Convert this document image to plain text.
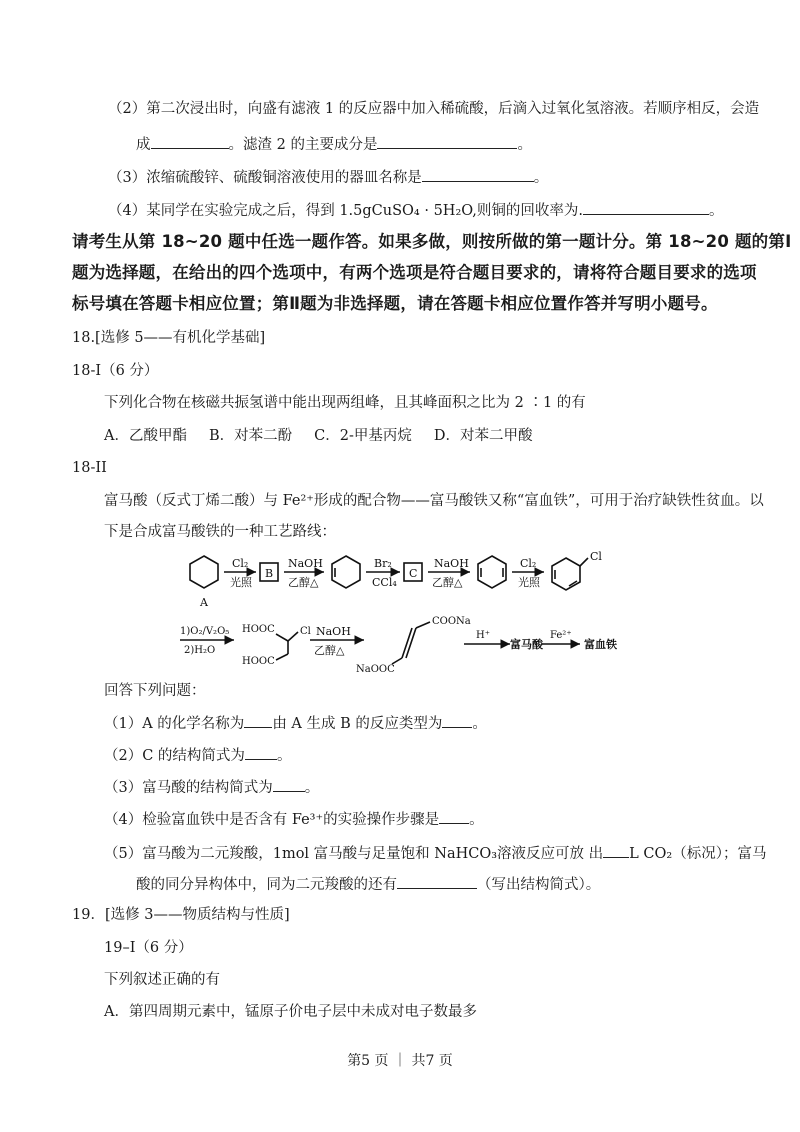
（2）第二次浸出时，向盛有滤液 1 的反应器中加入稀硫酸，后滴入过氧化氢溶液。若顺序相反，会造
成	。滤渣 2 的主要成分是	。
（3）浓缩硫酸锌、硫酸铜溶液使用的器皿名称是	。
（4）某同学在实验完成之后，得到 1.5gCuSO₄ · 5H₂O,则铜的回收率为.	。
请考生从第 18~20 题中任选一题作答。如果多做，则按所做的第一题计分。第 18~20 题的第Ⅰ
题为选择题，在给出的四个选项中，有两个选项是符合题目要求的，请将符合题目要求的选项
标号填在答题卡相应位置；第Ⅱ题为非选择题，请在答题卡相应位置作答并写明小题号。
18.[选修 5——有机化学基础]
18-I（6 分）
下列化合物在核磁共振氢谱中能出现两组峰，且其峰面积之比为 2 ∶1 的有
A．乙酸甲酯 B．对苯二酚 C．2-甲基丙烷 D．对苯二甲酸
18-II
富马酸（反式丁烯二酸）与 Fe²⁺形成的配合物——富马酸铁又称“富血铁”，可用于治疗缺铁性贫血。以
下是合成富马酸铁的一种工艺路线：
A
Cl₂
光照
B
NaOH
乙醇△
Br₂
CCl₄
C
NaOH
乙醇△
Cl₂
光照
Cl
1)O₂/V₂O₅
2)H₂O
HOOC	Cl
HOOC
NaOH
乙醇△
COONa
NaOOC
H⁺
富马酸
Fe²⁺
富血铁
回答下列问题：
（1）A 的化学名称为 由 A 生成 B 的反应类型为 。
（2）C 的结构简式为 。
（3）富马酸的结构简式为 。
（4）检验富血铁中是否含有 Fe³⁺的实验操作步骤是 。
（5）富马酸为二元羧酸，1mol 富马酸与足量饱和 NaHCO₃溶液反应可放 出 L CO₂（标况）；富马
酸的同分异构体中，同为二元羧酸的还有	（写出结构简式）。
19．[选修 3——物质结构与性质]
19–I（6 分）
下列叙述正确的有
A．第四周期元素中，锰原子价电子层中未成对电子数最多
第5 页 ｜ 共7 页
